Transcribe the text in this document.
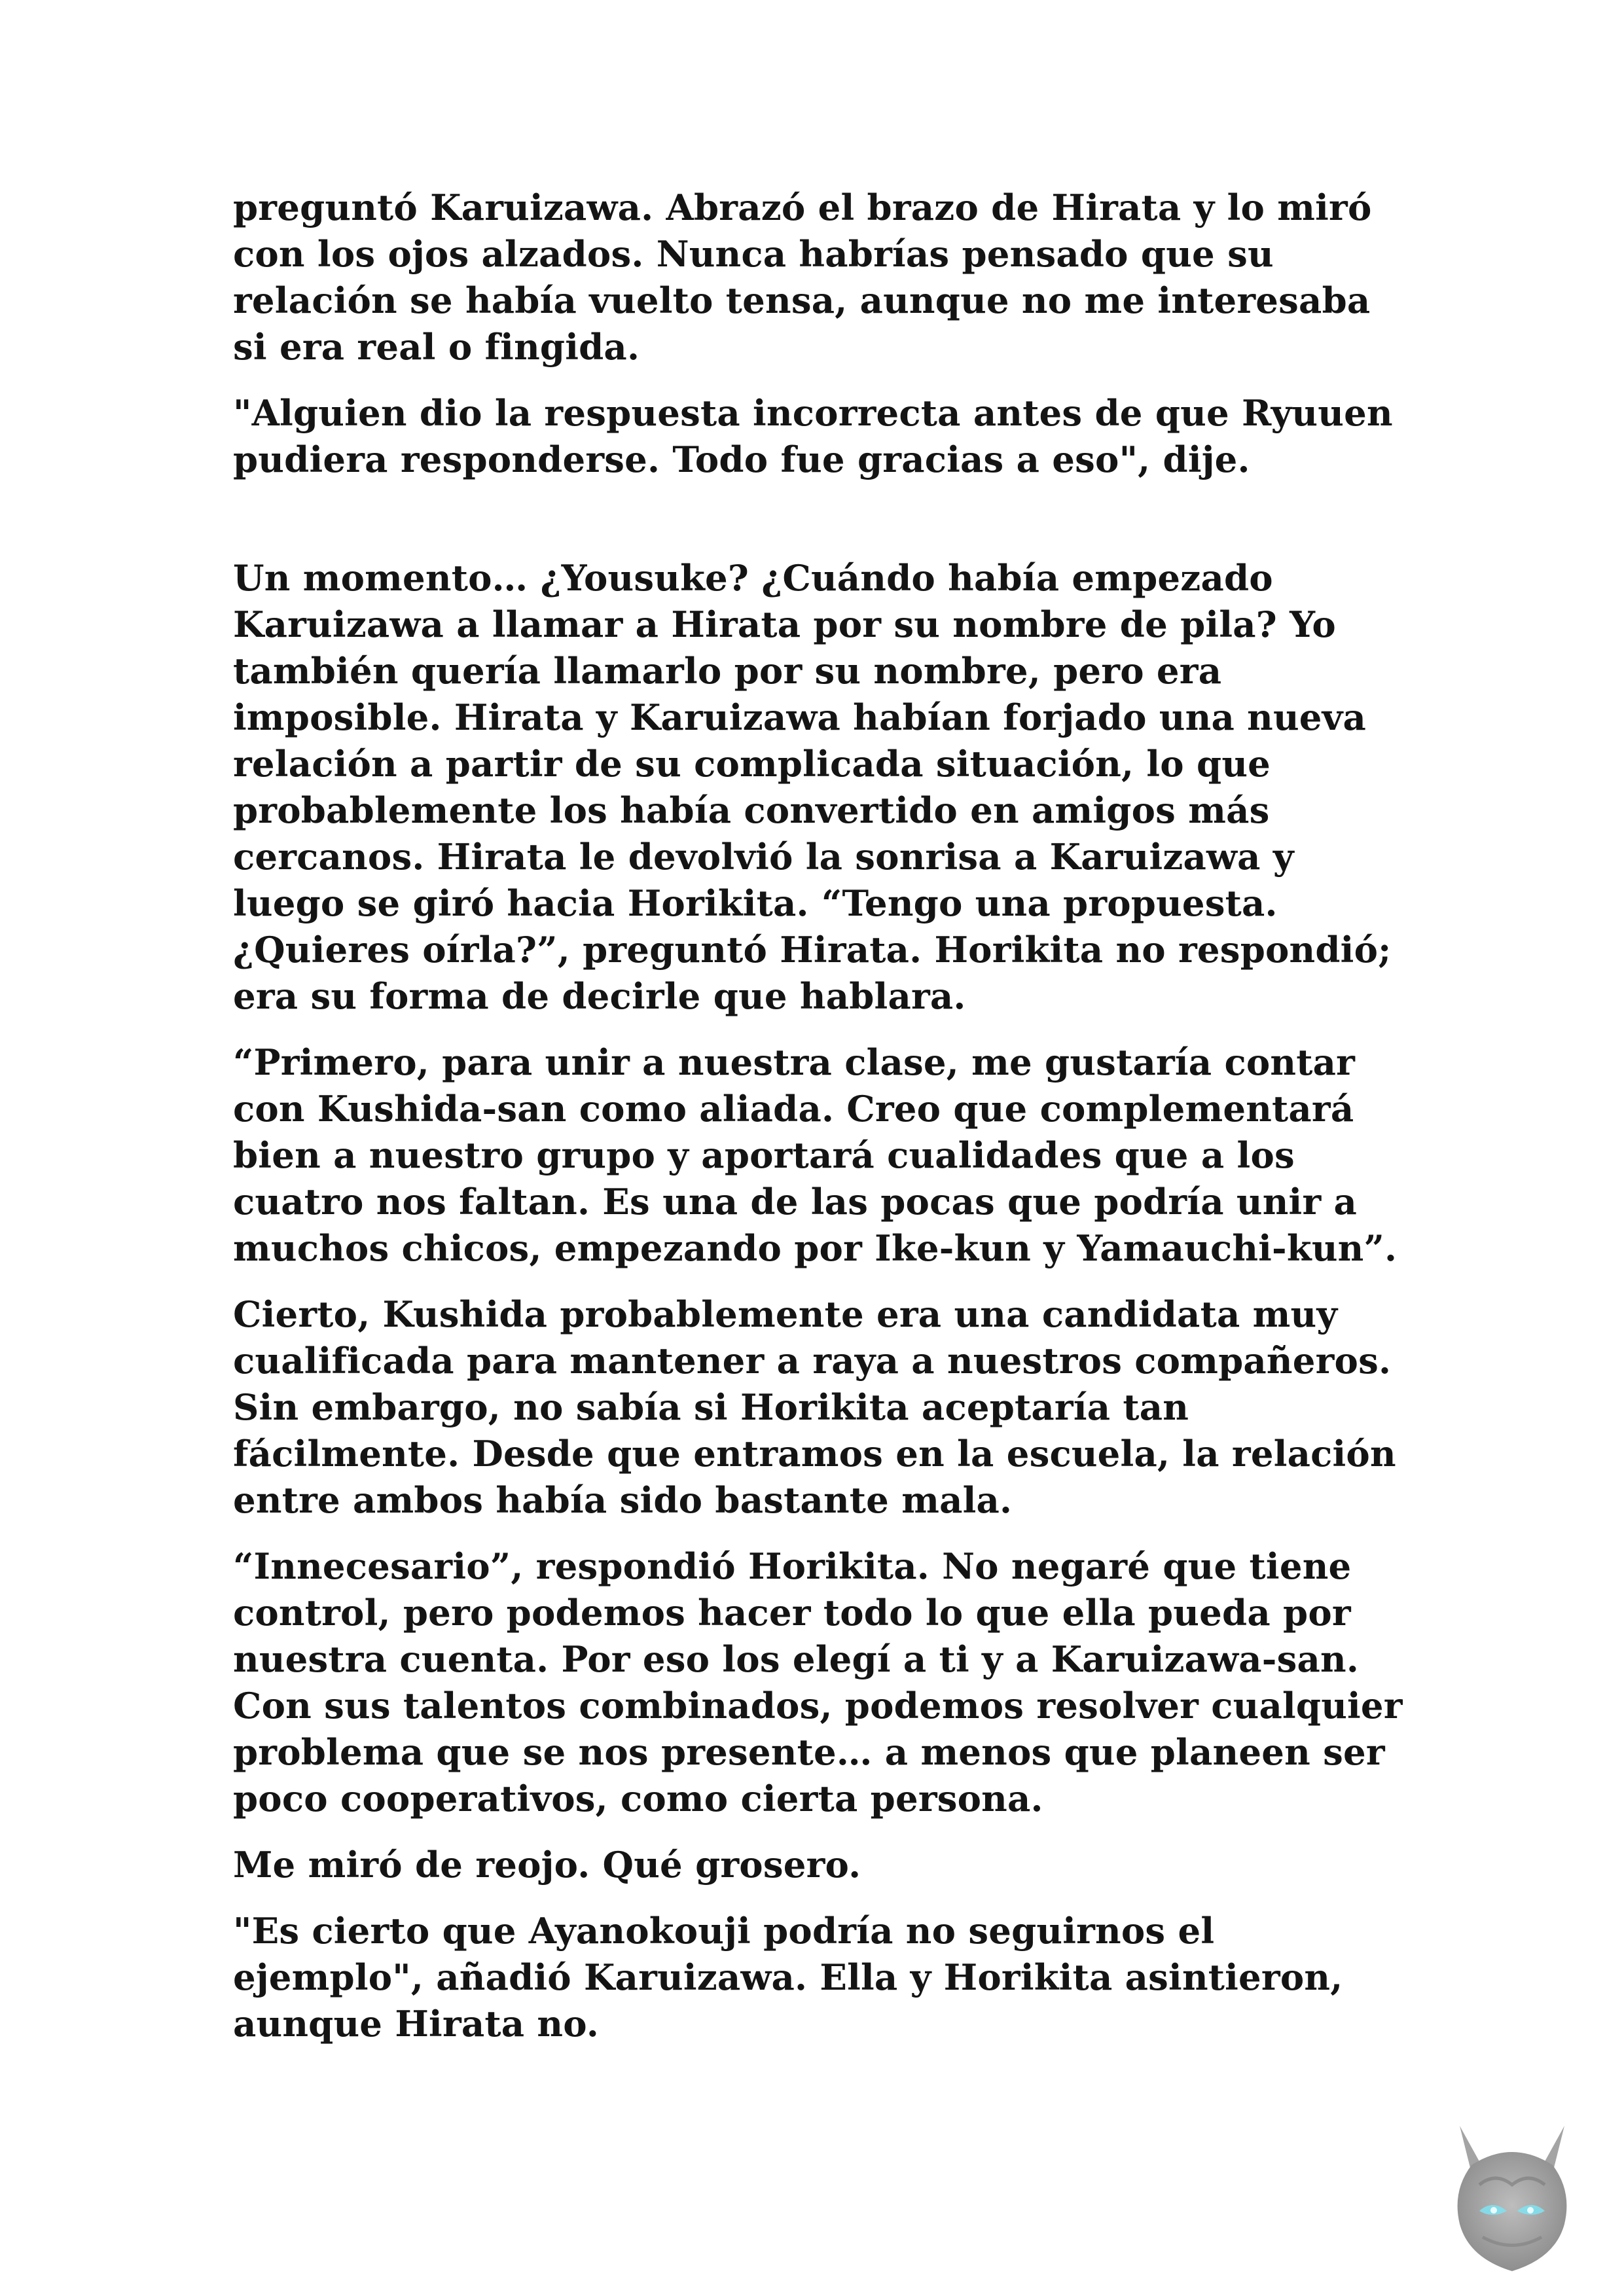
preguntó Karuizawa. Abrazó el brazo de Hirata y lo miró con los ojos alzados. Nunca habrías pensado que su relación se había vuelto tensa, aunque no me interesaba si era real o fingida.

"Alguien dio la respuesta incorrecta antes de que Ryuuen pudiera responderse. Todo fue gracias a eso", dije.

Un momento… ¿Yousuke? ¿Cuándo había empezado Karuizawa a llamar a Hirata por su nombre de pila? Yo también quería llamarlo por su nombre, pero era imposible. Hirata y Karuizawa habían forjado una nueva relación a partir de su complicada situación, lo que probablemente los había convertido en amigos más cercanos. Hirata le devolvió la sonrisa a Karuizawa y luego se giró hacia Horikita. “Tengo una propuesta. ¿Quieres oírla?”, preguntó Hirata. Horikita no respondió; era su forma de decirle que hablara.

“Primero, para unir a nuestra clase, me gustaría contar con Kushida-san como aliada. Creo que complementará bien a nuestro grupo y aportará cualidades que a los cuatro nos faltan. Es una de las pocas que podría unir a muchos chicos, empezando por Ike-kun y Yamauchi-kun”.

Cierto, Kushida probablemente era una candidata muy cualificada para mantener a raya a nuestros compañeros. Sin embargo, no sabía si Horikita aceptaría tan fácilmente. Desde que entramos en la escuela, la relación entre ambos había sido bastante mala.

“Innecesario”, respondió Horikita. No negaré que tiene control, pero podemos hacer todo lo que ella pueda por nuestra cuenta. Por eso los elegí a ti y a Karuizawa-san. Con sus talentos combinados, podemos resolver cualquier problema que se nos presente… a menos que planeen ser poco cooperativos, como cierta persona.

Me miró de reojo. Qué grosero.

"Es cierto que Ayanokouji podría no seguirnos el ejemplo", añadió Karuizawa. Ella y Horikita asintieron, aunque Hirata no.
